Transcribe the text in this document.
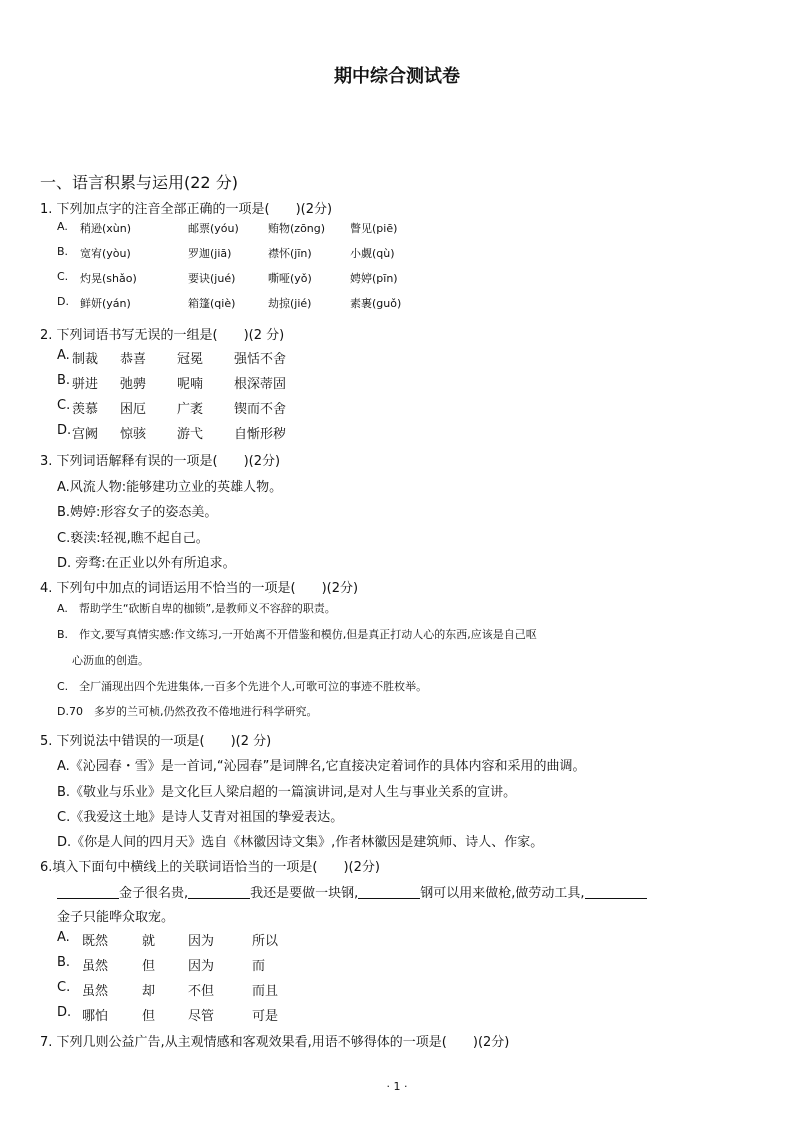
期中综合测试卷
一、语言积累与运用(22 分)
1. 下列加点字的注音全部正确的一项是(　　)(2分)
A. 稍逊(xùn)	邮票(yóu)	贿物(zōng) 瞥见(piē)
B. 宽宥(yòu)	罗迦(jiā)	襟怀(jīn)	小觑(qù)
C. 灼晃(shǎo)	要诀(jué)	嘶哑(yǒ)	娉婷(pīn)
D. 鲜妍(yán)	箱篷(qiè)	劫掠(jié)	素裹(guǒ)
2. 下列词语书写无误的一组是(　　)(2 分)
A. 制裁 恭喜 冠冕 强恬不舍
B. 骈进 弛骋 呢喃 根深蒂固
C. 羡慕 困厄 广袤 锲而不舍
D. 宫阙 惊骇 游弋 自惭形秽
3. 下列词语解释有误的一项是(　　)(2分)
A.风流人物:能够建功立业的英雄人物。
B.娉婷:形容女子的姿态美。
C.亵渎:轻视,瞧不起自己。
D. 旁骛:在正业以外有所追求。
4. 下列句中加点的词语运用不恰当的一项是(　　)(2分)
A.　帮助学生“砍断自卑的枷锁”,是教师义不容辞的职责。
B.　作文,要写真情实感:作文练习,一开始离不开借鉴和模仿,但是真正打动人心的东西,应该是自己呕
心沥血的创造。
C.　全厂涌现出四个先进集体,一百多个先进个人,可歌可泣的事迹不胜枚举。
D.70　多岁的兰可桢,仍然孜孜不倦地进行科学研究。
5. 下列说法中错误的一项是(　　)(2 分)
A.《沁园春・雪》是一首词,“沁园春”是词牌名,它直接决定着词作的具体内容和采用的曲调。
B.《敬业与乐业》是文化巨人梁启超的一篇演讲词,是对人生与事业关系的宣讲。
C.《我爱这土地》是诗人艾青对祖国的挚爱表达。
D.《你是人间的四月天》选自《林徽因诗文集》,作者林徽因是建筑师、诗人、作家。
6.填入下面句中横线上的关联词语恰当的一项是(　　)(2分)
金子很名贵,	我还是要做一块钢,	钢可以用来做枪,做劳动工具,
金子只能哗众取宠。
A. 既然	就	因为	所以
B. 虽然	但	因为	而
C. 虽然	却	不但	而且
D. 哪怕	但	尽管	可是
7. 下列几则公益广告,从主观情感和客观效果看,用语不够得体的一项是(　　)(2分)
· 1 ·
